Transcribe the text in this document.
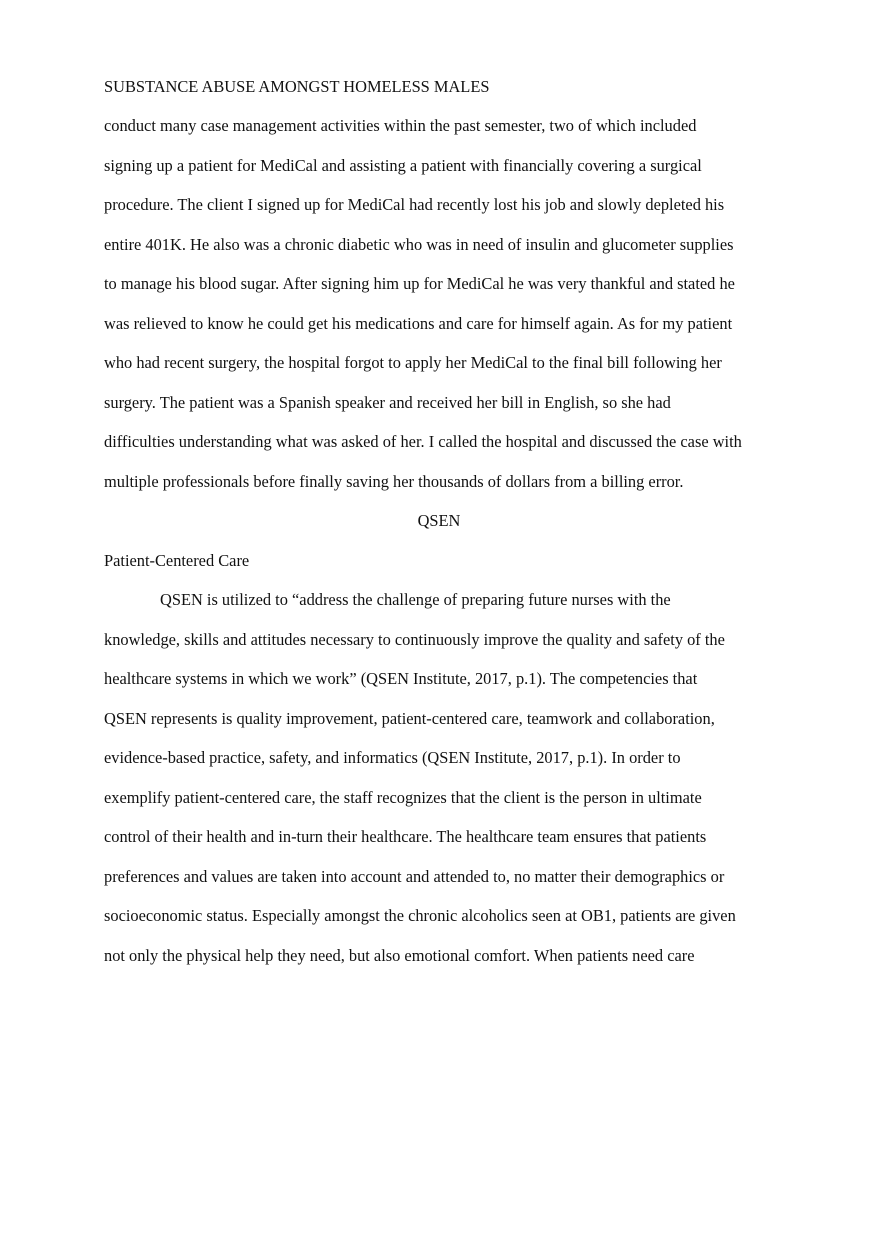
SUBSTANCE ABUSE AMONGST HOMELESS MALES
conduct many case management activities within the past semester, two of which included
signing up a patient for MediCal and assisting a patient with financially covering a surgical
procedure. The client I signed up for MediCal had recently lost his job and slowly depleted his
entire 401K. He also was a chronic diabetic who was in need of insulin and glucometer supplies
to manage his blood sugar. After signing him up for MediCal he was very thankful and stated he
was relieved to know he could get his medications and care for himself again. As for my patient
who had recent surgery, the hospital forgot to apply her MediCal to the final bill following her
surgery. The patient was a Spanish speaker and received her bill in English, so she had
difficulties understanding what was asked of her. I called the hospital and discussed the case with
multiple professionals before finally saving her thousands of dollars from a billing error.
QSEN
Patient-Centered Care
QSEN is utilized to “address the challenge of preparing future nurses with the
knowledge, skills and attitudes necessary to continuously improve the quality and safety of the
healthcare systems in which we work” (QSEN Institute, 2017, p.1). The competencies that
QSEN represents is quality improvement, patient-centered care, teamwork and collaboration,
evidence-based practice, safety, and informatics (QSEN Institute, 2017, p.1). In order to
exemplify patient-centered care, the staff recognizes that the client is the person in ultimate
control of their health and in-turn their healthcare. The healthcare team ensures that patients
preferences and values are taken into account and attended to, no matter their demographics or
socioeconomic status. Especially amongst the chronic alcoholics seen at OB1, patients are given
not only the physical help they need, but also emotional comfort. When patients need care
